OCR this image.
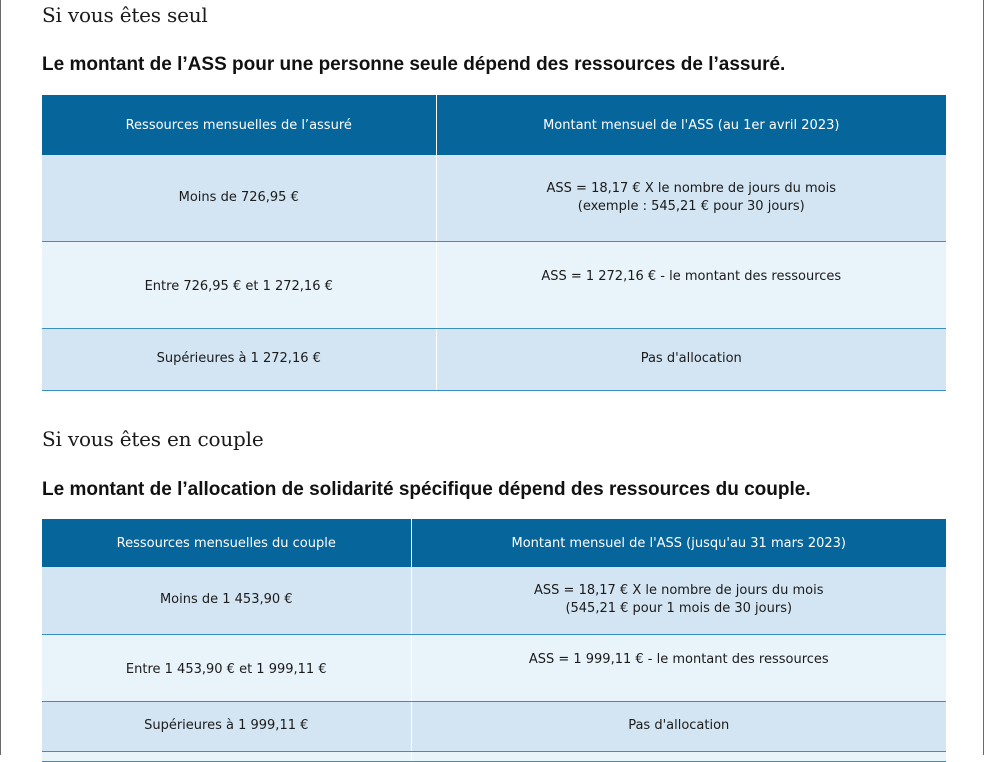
Si vous êtes seul
Le montant de l’ASS pour une personne seule dépend des ressources de l’assuré.
Ressources mensuelles de l’assuré	Montant mensuel de l'ASS (au 1er avril 2023)
Moins de 726,95 €	ASS = 18,17 € X le nombre de jours du mois
(exemple : 545,21 € pour 30 jours)

Entre 726,95 € et 1 272,16 €	ASS = 1 272,16 € - le montant des ressources

Supérieures à 1 272,16 €	Pas d'allocation
Si vous êtes en couple
Le montant de l’allocation de solidarité spécifique dépend des ressources du couple.
Ressources mensuelles du couple	Montant mensuel de l'ASS (jusqu'au 31 mars 2023)
Moins de 1 453,90 €	ASS = 18,17 € X le nombre de jours du mois
(545,21 € pour 1 mois de 30 jours)

Entre 1 453,90 € et 1 999,11 €	ASS = 1 999,11 € - le montant des ressources

Supérieures à 1 999,11 €	Pas d'allocation
